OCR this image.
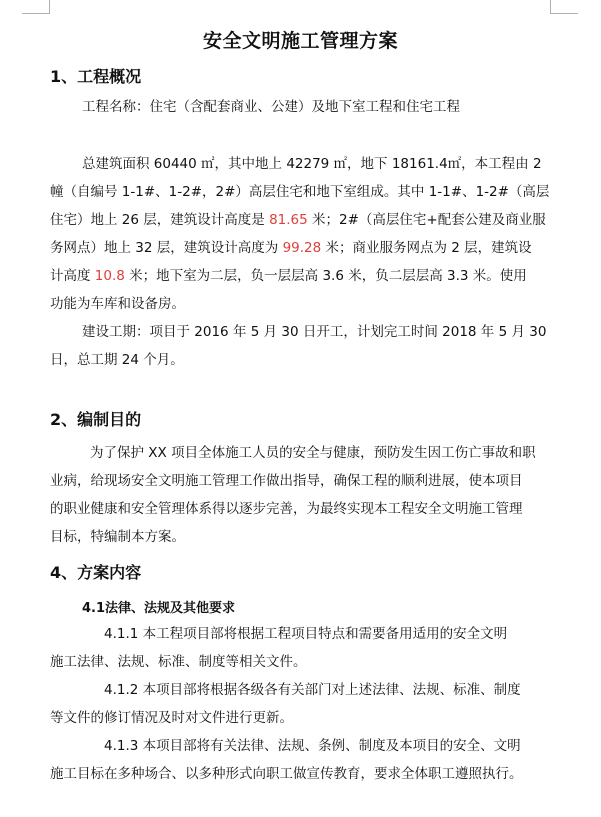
安全文明施工管理方案
1、工程概况
工程名称：住宅（含配套商业、公建）及地下室工程和住宅工程
总建筑面积 60440 ㎡，其中地上 42279 ㎡，地下 18161.4㎡，本工程由 2
幢（自编号 1-1#、1-2#，2#）高层住宅和地下室组成。其中 1-1#、1-2#（高层
住宅）地上 26 层，建筑设计高度是 81.65 米；2#（高层住宅+配套公建及商业服
务网点）地上 32 层，建筑设计高度为 99.28 米；商业服务网点为 2 层，建筑设
计高度 10.8 米；地下室为二层，负一层层高 3.6 米，负二层层高 3.3 米。使用
功能为车库和设备房。
建设工期：项目于 2016 年 5 月 30 日开工，计划完工时间 2018 年 5 月 30
日，总工期 24 个月。
2、编制目的
为了保护 XX 项目全体施工人员的安全与健康，预防发生因工伤亡事故和职
业病，给现场安全文明施工管理工作做出指导，确保工程的顺利进展，使本项目
的职业健康和安全管理体系得以逐步完善，为最终实现本工程安全文明施工管理
目标，特编制本方案。
4、方案内容
4.1法律、法规及其他要求
4.1.1 本工程项目部将根据工程项目特点和需要备用适用的安全文明
施工法律、法规、标准、制度等相关文件。
4.1.2 本项目部将根据各级各有关部门对上述法律、法规、标准、制度
等文件的修订情况及时对文件进行更新。
4.1.3 本项目部将有关法律、法规、条例、制度及本项目的安全、文明
施工目标在多种场合、以多种形式向职工做宣传教育，要求全体职工遵照执行。
